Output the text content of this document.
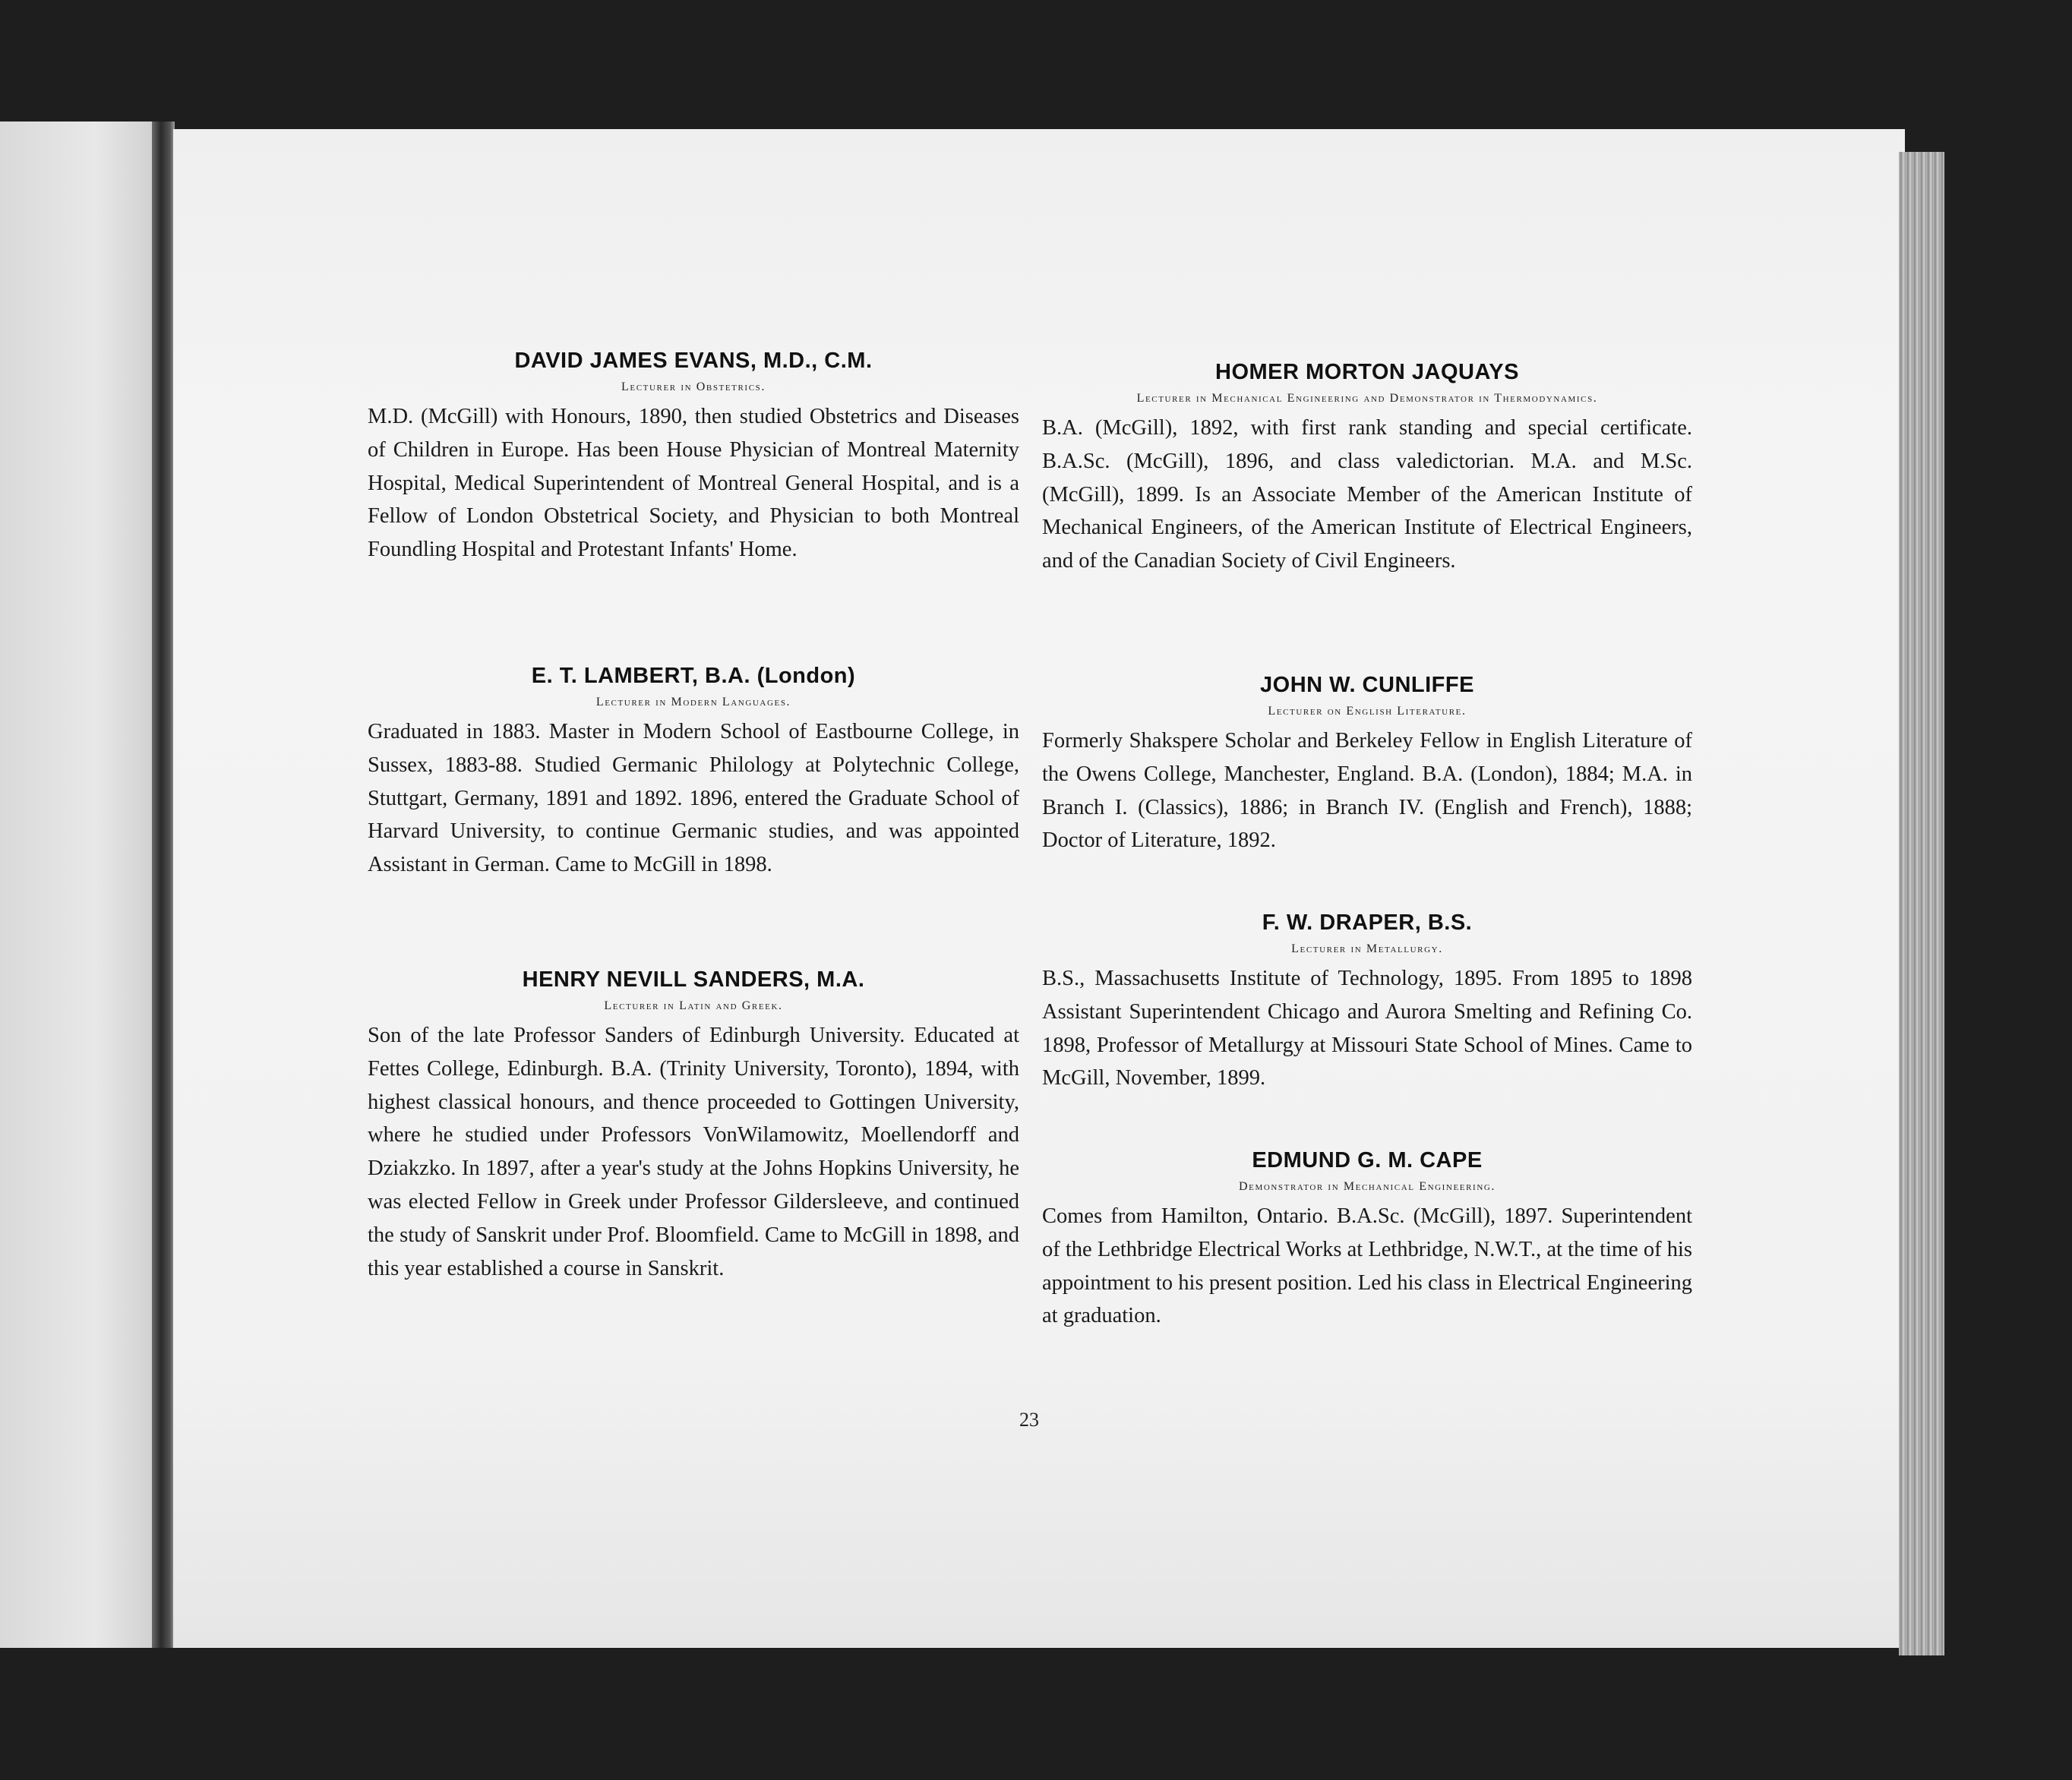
DAVID JAMES EVANS, M.D., C.M.

Lecturer in Obstetrics.

M.D. (McGill) with Honours, 1890, then studied Obstetrics and Diseases of Children in Europe. Has been House Physician of Montreal Maternity Hospital, Medical Superintendent of Montreal General Hospital, and is a Fellow of London Obstetrical Society, and Physician to both Montreal Foundling Hospital and Protestant Infants' Home.

E. T. LAMBERT, B.A. (London)

Lecturer in Modern Languages.

Graduated in 1883. Master in Modern School of Eastbourne College, in Sussex, 1883-88. Studied Germanic Philology at Polytechnic College, Stuttgart, Germany, 1891 and 1892. 1896, entered the Graduate School of Harvard University, to continue Germanic studies, and was appointed Assistant in German. Came to McGill in 1898.

HENRY NEVILL SANDERS, M.A.

Lecturer in Latin and Greek.

Son of the late Professor Sanders of Edinburgh University. Educated at Fettes College, Edinburgh. B.A. (Trinity University, Toronto), 1894, with highest classical honours, and thence proceeded to Gottingen University, where he studied under Professors VonWilamowitz, Moellendorff and Dziakzko. In 1897, after a year's study at the Johns Hopkins University, he was elected Fellow in Greek under Professor Gildersleeve, and continued the study of Sanskrit under Prof. Bloomfield. Came to McGill in 1898, and this year established a course in Sanskrit.

HOMER MORTON JAQUAYS

Lecturer in Mechanical Engineering and Demonstrator in Thermodynamics.

B.A. (McGill), 1892, with first rank standing and special certificate. B.A.Sc. (McGill), 1896, and class valedictorian. M.A. and M.Sc. (McGill), 1899. Is an Associate Member of the American Institute of Mechanical Engineers, of the American Institute of Electrical Engineers, and of the Canadian Society of Civil Engineers.

JOHN W. CUNLIFFE

Lecturer on English Literature.

Formerly Shakspere Scholar and Berkeley Fellow in English Literature of the Owens College, Manchester, England. B.A. (London), 1884; M.A. in Branch I. (Classics), 1886; in Branch IV. (English and French), 1888; Doctor of Literature, 1892.

F. W. DRAPER, B.S.

Lecturer in Metallurgy.

B.S., Massachusetts Institute of Technology, 1895. From 1895 to 1898 Assistant Superintendent Chicago and Aurora Smelting and Refining Co. 1898, Professor of Metallurgy at Missouri State School of Mines. Came to McGill, November, 1899.

EDMUND G. M. CAPE

Demonstrator in Mechanical Engineering.

Comes from Hamilton, Ontario. B.A.Sc. (McGill), 1897. Superintendent of the Lethbridge Electrical Works at Lethbridge, N.W.T., at the time of his appointment to his present position. Led his class in Electrical Engineering at graduation.

23
